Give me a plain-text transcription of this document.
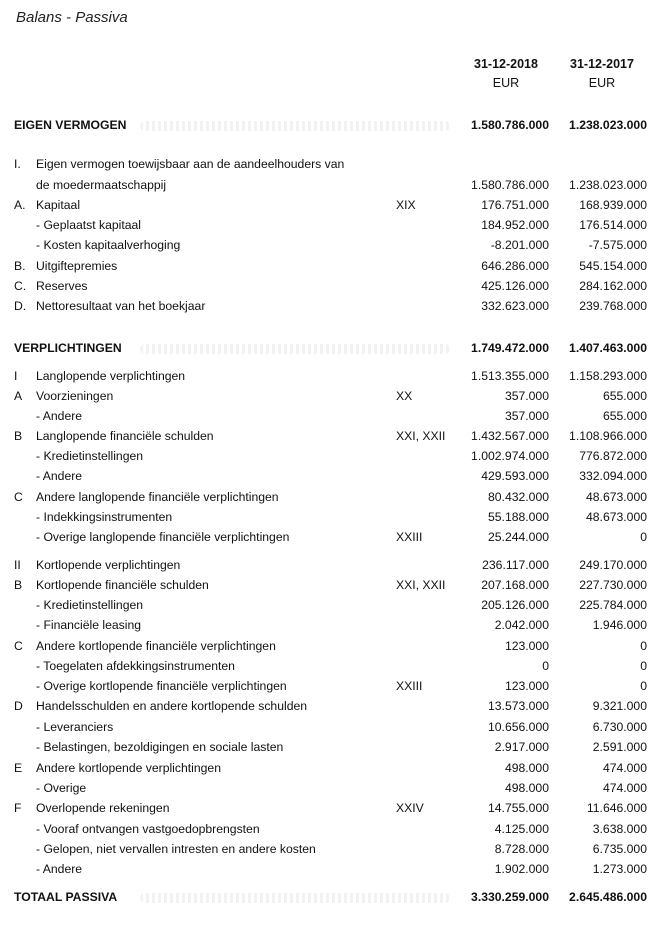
Balans - Passiva
31-12-2018
EUR
31-12-2017
EUR
EIGEN VERMOGEN	1.580.786.000 1.238.023.000
I. Eigen vermogen toewijsbaar aan de aandeelhouders van
de moedermaatschappij	1.580.786.000 1.238.023.000
A. Kapitaal	XIX	176.751.000 168.939.000
- Geplaatst kapitaal	184.952.000 176.514.000
- Kosten kapitaalverhoging	-8.201.000	-7.575.000
B. Uitgiftepremies	646.286.000 545.154.000
C. Reserves	425.126.000 284.162.000
D. Nettoresultaat van het boekjaar	332.623.000 239.768.000
VERPLICHTINGEN	1.749.472.000 1.407.463.000
I Langlopende verplichtingen	1.513.355.000 1.158.293.000
A Voorzieningen	XX	357.000	655.000
- Andere	357.000	655.000
B Langlopende financiële schulden	XXI, XXII 1.432.567.000 1.108.966.000
- Kredietinstellingen	1.002.974.000 776.872.000
- Andere	429.593.000 332.094.000
C Andere langlopende financiële verplichtingen	80.432.000	48.673.000
- Indekkingsinstrumenten	55.188.000	48.673.000
- Overige langlopende financiële verplichtingen	XXIII	25.244.000	0
II Kortlopende verplichtingen	236.117.000 249.170.000
B Kortlopende financiële schulden	XXI, XXII	207.168.000 227.730.000
- Kredietinstellingen	205.126.000 225.784.000
- Financiële leasing	2.042.000	1.946.000
C Andere kortlopende financiële verplichtingen	123.000	0
- Toegelaten afdekkingsinstrumenten	0	0
- Overige kortlopende financiële verplichtingen	XXIII	123.000	0
D Handelsschulden en andere kortlopende schulden	13.573.000	9.321.000
- Leveranciers	10.656.000	6.730.000
- Belastingen, bezoldigingen en sociale lasten	2.917.000	2.591.000
E Andere kortlopende verplichtingen	498.000	474.000
- Overige	498.000	474.000
F Overlopende rekeningen	XXIV	14.755.000	11.646.000
- Vooraf ontvangen vastgoedopbrengsten	4.125.000	3.638.000
- Gelopen, niet vervallen intresten en andere kosten	8.728.000	6.735.000
- Andere	1.902.000	1.273.000
TOTAAL PASSIVA	3.330.259.000 2.645.486.000
